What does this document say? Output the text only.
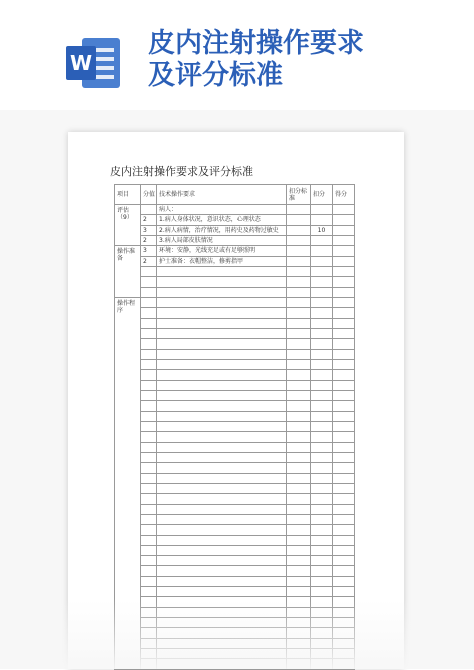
W
皮内注射操作要求
及评分标准
皮内注射操作要求及评分标准
项目	分值	技术操作要求	扣分标准	扣分	得分

评估
（9）		病人：			
	2	1.病人身体状况，意识状态，心理状态			
	3	2.病人病情，治疗情况，用药史及药物过敏史		10	
	2	3.病人局部皮肤情况			

操作准备	3	环境：安静，光线充足或有足够照明			
	2	护士准备：衣帽整洁，修剪指甲			

操作程序					
